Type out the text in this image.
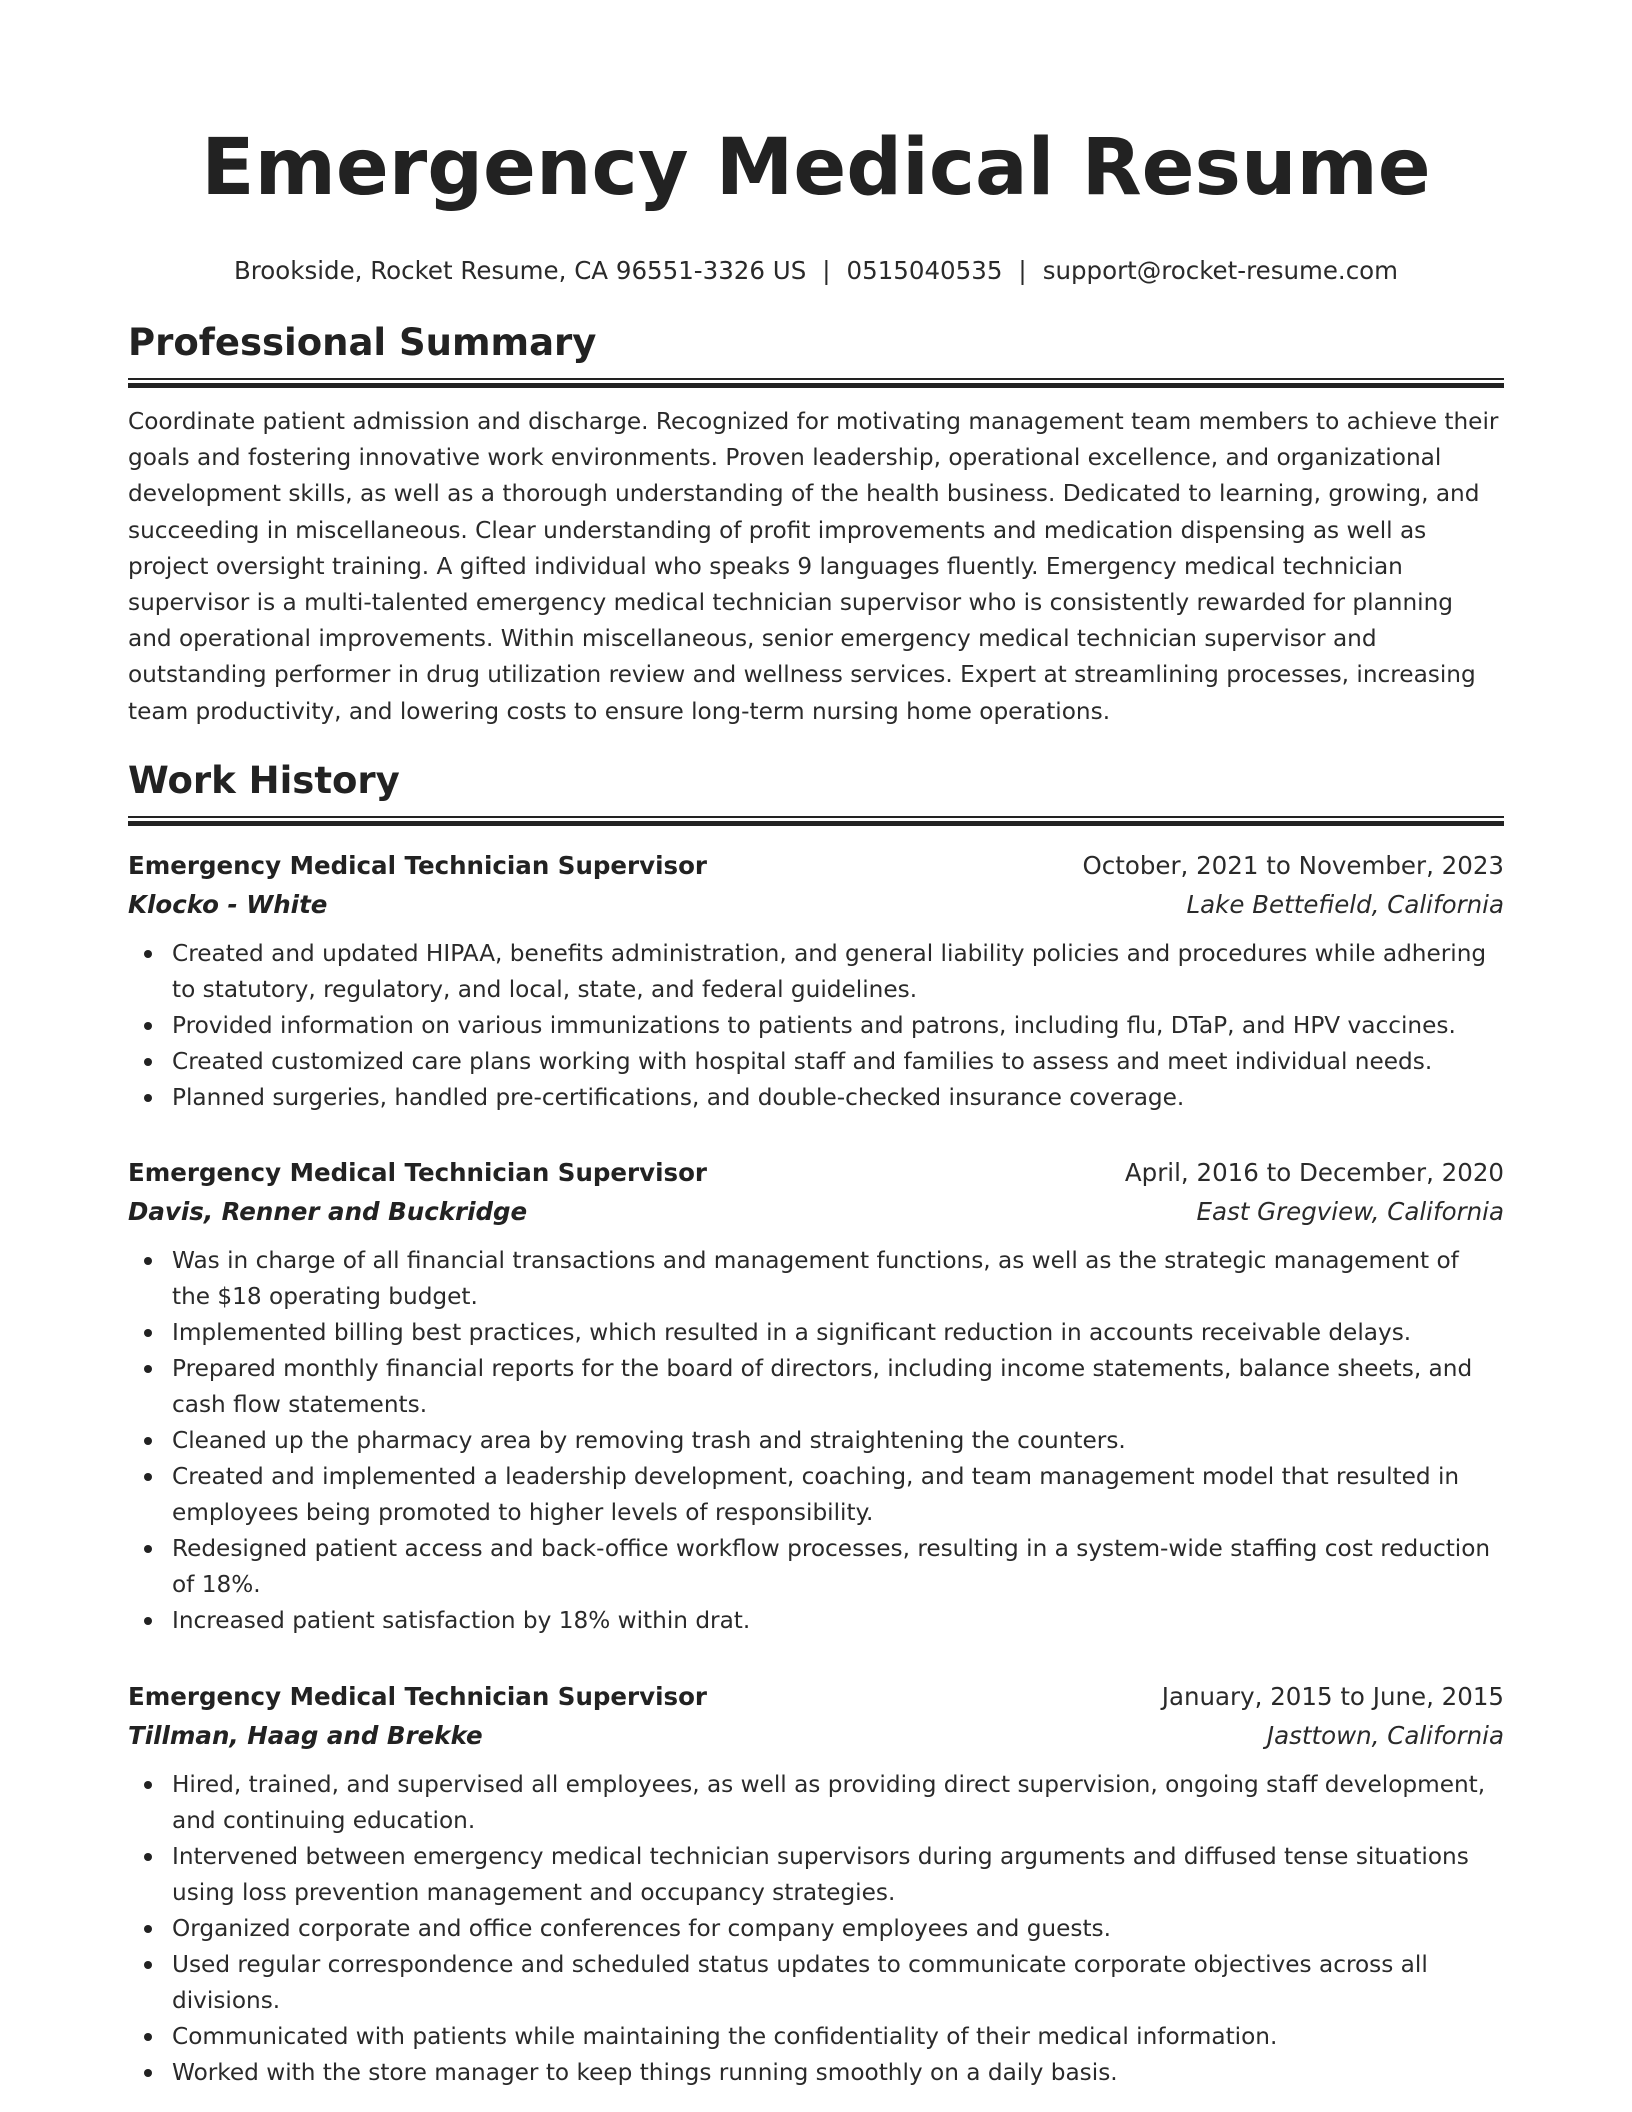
Emergency Medical Resume
Brookside, Rocket Resume, CA 96551-3326 US | 0515040535 | support@rocket-resume.com
Professional Summary

Coordinate patient admission and discharge. Recognized for motivating management team members to achieve their goals and fostering innovative work environments. Proven leadership, operational excellence, and organizational development skills, as well as a thorough understanding of the health business. Dedicated to learning, growing, and succeeding in miscellaneous. Clear understanding of profit improvements and medication dispensing as well as project oversight training. A gifted individual who speaks 9 languages fluently. Emergency medical technician supervisor is a multi-talented emergency medical technician supervisor who is consistently rewarded for planning and operational improvements. Within miscellaneous, senior emergency medical technician supervisor and outstanding performer in drug utilization review and wellness services. Expert at streamlining processes, increasing team productivity, and lowering costs to ensure long-term nursing home operations.

Work History
Emergency Medical Technician Supervisor	October, 2021 to November, 2023
Klocko - White	Lake Bettefield, California
Created and updated HIPAA, benefits administration, and general liability policies and procedures while adhering to statutory, regulatory, and local, state, and federal guidelines.
Provided information on various immunizations to patients and patrons, including flu, DTaP, and HPV vaccines.
Created customized care plans working with hospital staff and families to assess and meet individual needs.
Planned surgeries, handled pre-certifications, and double-checked insurance coverage.
Emergency Medical Technician Supervisor	April, 2016 to December, 2020
Davis, Renner and Buckridge	East Gregview, California
Was in charge of all financial transactions and management functions, as well as the strategic management of the $18 operating budget.
Implemented billing best practices, which resulted in a significant reduction in accounts receivable delays.
Prepared monthly financial reports for the board of directors, including income statements, balance sheets, and cash flow statements.
Cleaned up the pharmacy area by removing trash and straightening the counters.
Created and implemented a leadership development, coaching, and team management model that resulted in employees being promoted to higher levels of responsibility.
Redesigned patient access and back-office workflow processes, resulting in a system-wide staffing cost reduction of 18%.
Increased patient satisfaction by 18% within drat.
Emergency Medical Technician Supervisor	January, 2015 to June, 2015
Tillman, Haag and Brekke	Jasttown, California
Hired, trained, and supervised all employees, as well as providing direct supervision, ongoing staff development, and continuing education.
Intervened between emergency medical technician supervisors during arguments and diffused tense situations using loss prevention management and occupancy strategies.
Organized corporate and office conferences for company employees and guests.
Used regular correspondence and scheduled status updates to communicate corporate objectives across all divisions.
Communicated with patients while maintaining the confidentiality of their medical information.
Worked with the store manager to keep things running smoothly on a daily basis.
